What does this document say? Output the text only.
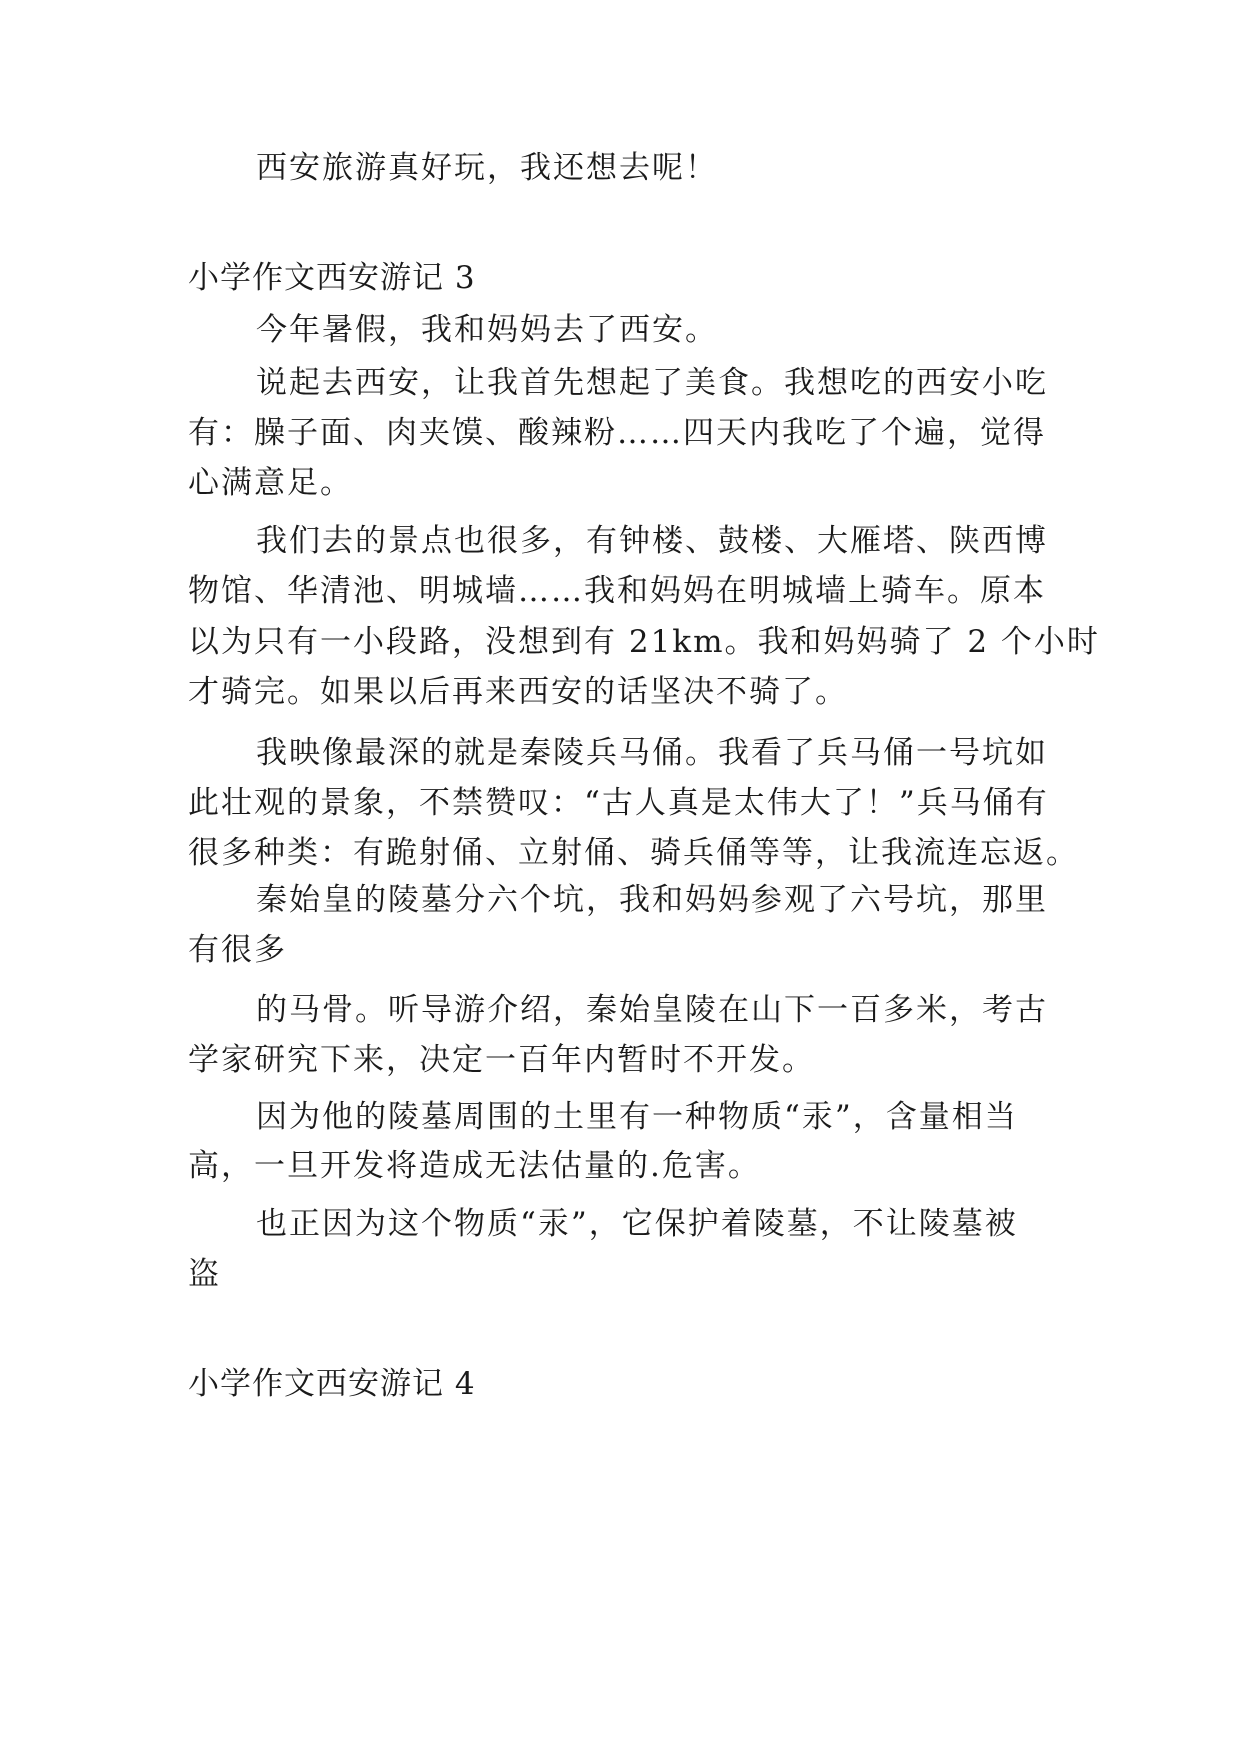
西安旅游真好玩，我还想去呢！
小学作文西安游记 3
今年暑假，我和妈妈去了西安。
说起去西安，让我首先想起了美食。我想吃的西安小吃
有：臊子面、肉夹馍、酸辣粉……四天内我吃了个遍，觉得
心满意足。
我们去的景点也很多，有钟楼、鼓楼、大雁塔、陕西博
物馆、华清池、明城墙……我和妈妈在明城墙上骑车。原本
以为只有一小段路，没想到有 21km。我和妈妈骑了 2 个小时
才骑完。如果以后再来西安的话坚决不骑了。
我映像最深的就是秦陵兵马俑。我看了兵马俑一号坑如
此壮观的景象，不禁赞叹：“古人真是太伟大了！”兵马俑有
很多种类：有跪射俑、立射俑、骑兵俑等等，让我流连忘返。
秦始皇的陵墓分六个坑，我和妈妈参观了六号坑，那里
有很多
的马骨。听导游介绍，秦始皇陵在山下一百多米，考古
学家研究下来，决定一百年内暂时不开发。
因为他的陵墓周围的土里有一种物质“汞”，含量相当
高，一旦开发将造成无法估量的.危害。
也正因为这个物质“汞”，它保护着陵墓，不让陵墓被
盗
小学作文西安游记 4
